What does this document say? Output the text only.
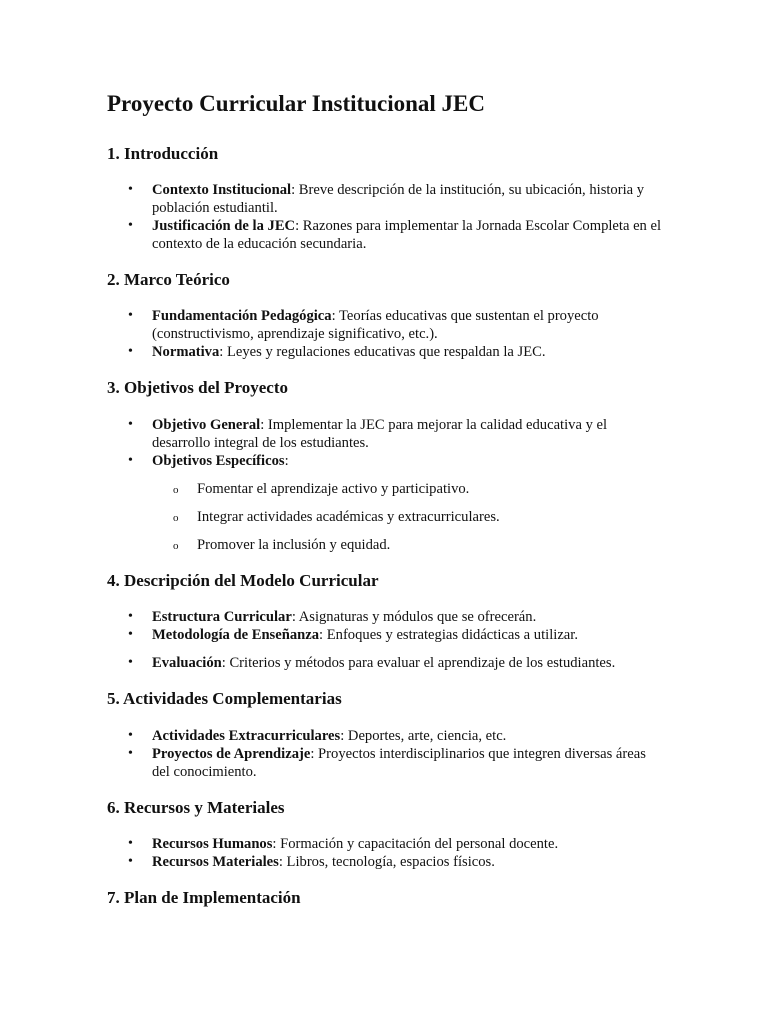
Proyecto Curricular Institucional JEC
1. Introducción
• Contexto Institucional: Breve descripción de la institución, su ubicación, historia y población estudiantil.
• Justificación de la JEC: Razones para implementar la Jornada Escolar Completa en el contexto de la educación secundaria.
2. Marco Teórico
• Fundamentación Pedagógica: Teorías educativas que sustentan el proyecto (constructivismo, aprendizaje significativo, etc.).
• Normativa: Leyes y regulaciones educativas que respaldan la JEC.
3. Objetivos del Proyecto
• Objetivo General: Implementar la JEC para mejorar la calidad educativa y el desarrollo integral de los estudiantes.
• Objetivos Específicos:
o Fomentar el aprendizaje activo y participativo.
o Integrar actividades académicas y extracurriculares.
o Promover la inclusión y equidad.
4. Descripción del Modelo Curricular
• Estructura Curricular: Asignaturas y módulos que se ofrecerán.
• Metodología de Enseñanza: Enfoques y estrategias didácticas a utilizar.
• Evaluación: Criterios y métodos para evaluar el aprendizaje de los estudiantes.
5. Actividades Complementarias
• Actividades Extracurriculares: Deportes, arte, ciencia, etc.
• Proyectos de Aprendizaje: Proyectos interdisciplinarios que integren diversas áreas del conocimiento.
6. Recursos y Materiales
• Recursos Humanos: Formación y capacitación del personal docente.
• Recursos Materiales: Libros, tecnología, espacios físicos.
7. Plan de Implementación
